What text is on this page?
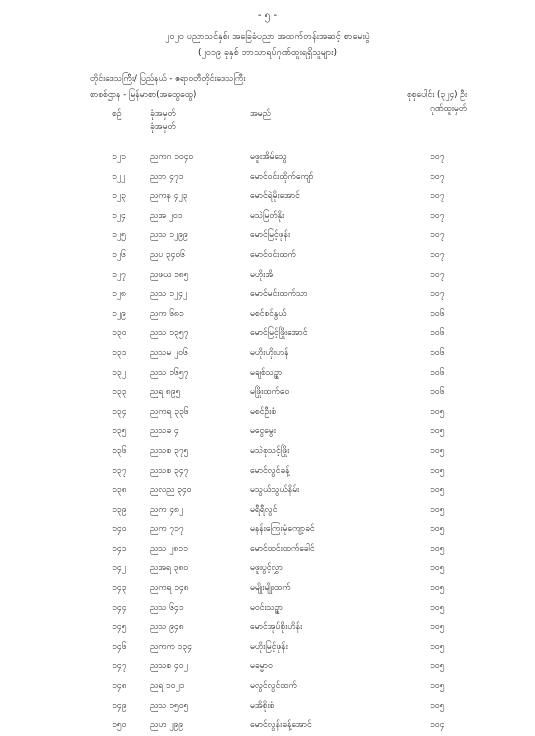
- ၅ -
၂၀၂၀ ပညာသင်နှစ်၊ အခြေခံပညာ အထက်တန်းအဆင့် စာမေးပွဲ
(၂၀၁၉ ခုနှစ် ဘာသာရပ်ဂုဏ်ထူးရရှိသူများ)
တိုင်းဒေသကြီး/ ပြည်နယ် - ဧရာဝတီတိုင်းဒေသကြီး
စာစစ်ဌာန - မြန်မာစာ(အထွေထွေ)	စုစုပေါင်း (၃၂၄) ဦး
ဂုဏ်ထူးမှတ်
စဉ်	ခုံအမှတ်
ခုံအမှတ်
အမည်
၁၂၁	ညကဂ ၁၀၄၀	မဖူးအိမ်သွေ	၁၀၇
၁၂၂	ညဘ ၄၇၁	မောင်ဝင်းထိုက်ကျော်	၁၀၇
၁၂၃	ညကန ၄၂၃	မောင်ရဲမိုးအောင်	၁၀၇
၁၂၄	ညအ ၂၀၁	မသဲမြတ်နိုး	၁၀၇
၁၂၅	ညသ ၁၂၉၉	မောင်မြင့်ဖုန်း	၁၀၇
၁၂၆	ညပ ၃၄၀၆	မောင်ဝင်းထက်	၁၀၇
၁၂၇	ညဖယ ၁၈၅	မဟိုးအိ	၁၀၇
၁၂၈	ညသ ၁၂၄၂	မောင်မင်းထက်သာ	၁၀၇
၁၂၉	ညက ၆၈၁	မစင်စင်နွယ်	၁၀၆
၁၃၀	ညသ ၁၃၅၇	မောင်မြင့်ဖြိုးအောင်	၁၀၆
၁၃၁	ညသမ ၂၀၆	မဟိုးဟိုးဟန်	၁၀၆
၁၃၂	ညသ ၁၆၅၇	မချစ်သဉ္ဇာ	၁၀၆
၁၃၃	ညရ ၈၉၅	မဖြိုးထက်ဝေ	၁၀၆
၁၃၄	ညကရ ၃၃၆	မစင်ဦးစံ	၁၀၅
၁၃၅	ညသခ ၄	မငွေမွေး	၁၀၅
၁၃၆	ညသစ ၃၇၅	မသဲစုသင့်ဖြိုး	၁၀၅
၁၃၇	ညသစ ၃၄၇	မောင်လွင်ခန့်	၁၀၅
၁၃၈	ညလည ၃၄၀	မသွယ်သွယ်နိမ်း	၁၀၅
၁၃၉	ညက ၄၈၂	မရီရီလွင်	၁၀၅
၁၄၀	ညက ၇၁၇	မနန်းကြေးမုံကျော့ခင်	၁၀၅
၁၄၁	ညသ ၂၈၁၁	မောင်ထင်းထက်ခေါင်	၁၀၅
၁၄၂	ညအရ ၃၈၀	မဖူးပွင့်လွှာ	၁၀၅
၁၄၃	ညကရ ၁၄၈	မမျိုးမျိုးထက်	၁၀၅
၁၄၄	ညသ ၆၄၁	မဝင်းသဉ္ဇာ	၁၀၅
၁၄၅	ညသ ၉၄၈	မောင်အုပ်စိုးဟိန်း	၁၀၅
၁၄၆	ညကက ၁၃၄	မဟိုးမြင့်ဖုန်း	၁၀၅
၁၄၇	ညသစ ၄၀၂	မခမ္မာဝ	၁၀၅
၁၄၈	ညရ ၁၀၂၁	မလွင်လွင်ထက်	၁၀၅
၁၄၉	ညသ ၁၅၀၅	မအိစိုးစံ	၁၀၅
၁၅၀	ညဟ ၂၉၉	မောင်လွန်းခန့်အောင်	၁၀၄
